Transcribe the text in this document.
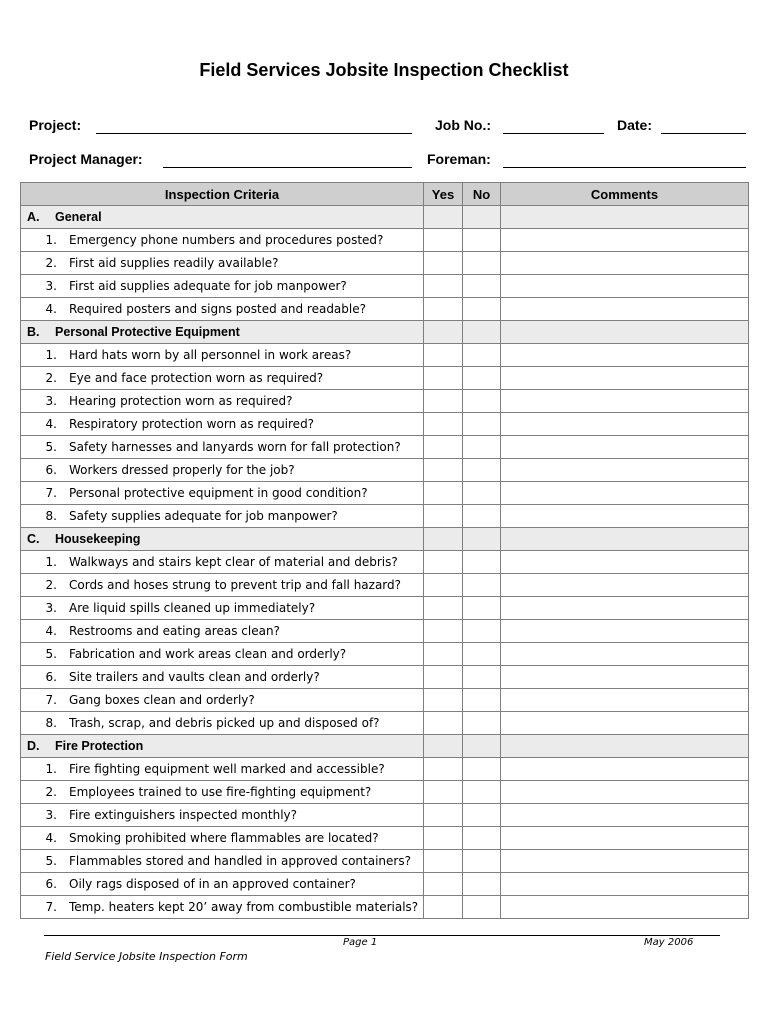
Field Services Jobsite Inspection Checklist
Project:	Job No.:	Date:
Project Manager:	Foreman:
Inspection Criteria	Yes	No	Comments
A. General			
1. Emergency phone numbers and procedures posted?			
2. First aid supplies readily available?			
3. First aid supplies adequate for job manpower?			
4. Required posters and signs posted and readable?			
B. Personal Protective Equipment			
1. Hard hats worn by all personnel in work areas?			
2. Eye and face protection worn as required?			
3. Hearing protection worn as required?			
4. Respiratory protection worn as required?			
5. Safety harnesses and lanyards worn for fall protection?			
6. Workers dressed properly for the job?			
7. Personal protective equipment in good condition?			
8. Safety supplies adequate for job manpower?			
C. Housekeeping			
1. Walkways and stairs kept clear of material and debris?			
2. Cords and hoses strung to prevent trip and fall hazard?			
3. Are liquid spills cleaned up immediately?			
4. Restrooms and eating areas clean?			
5. Fabrication and work areas clean and orderly?			
6. Site trailers and vaults clean and orderly?			
7. Gang boxes clean and orderly?			
8. Trash, scrap, and debris picked up and disposed of?			
D. Fire Protection			
1. Fire fighting equipment well marked and accessible?			
2. Employees trained to use fire-fighting equipment?			
3. Fire extinguishers inspected monthly?			
4. Smoking prohibited where flammables are located?			
5. Flammables stored and handled in approved containers?			
6. Oily rags disposed of in an approved container?			
7. Temp. heaters kept 20’ away from combustible materials?			
Page 1	May 2006
Field Service Jobsite Inspection Form
